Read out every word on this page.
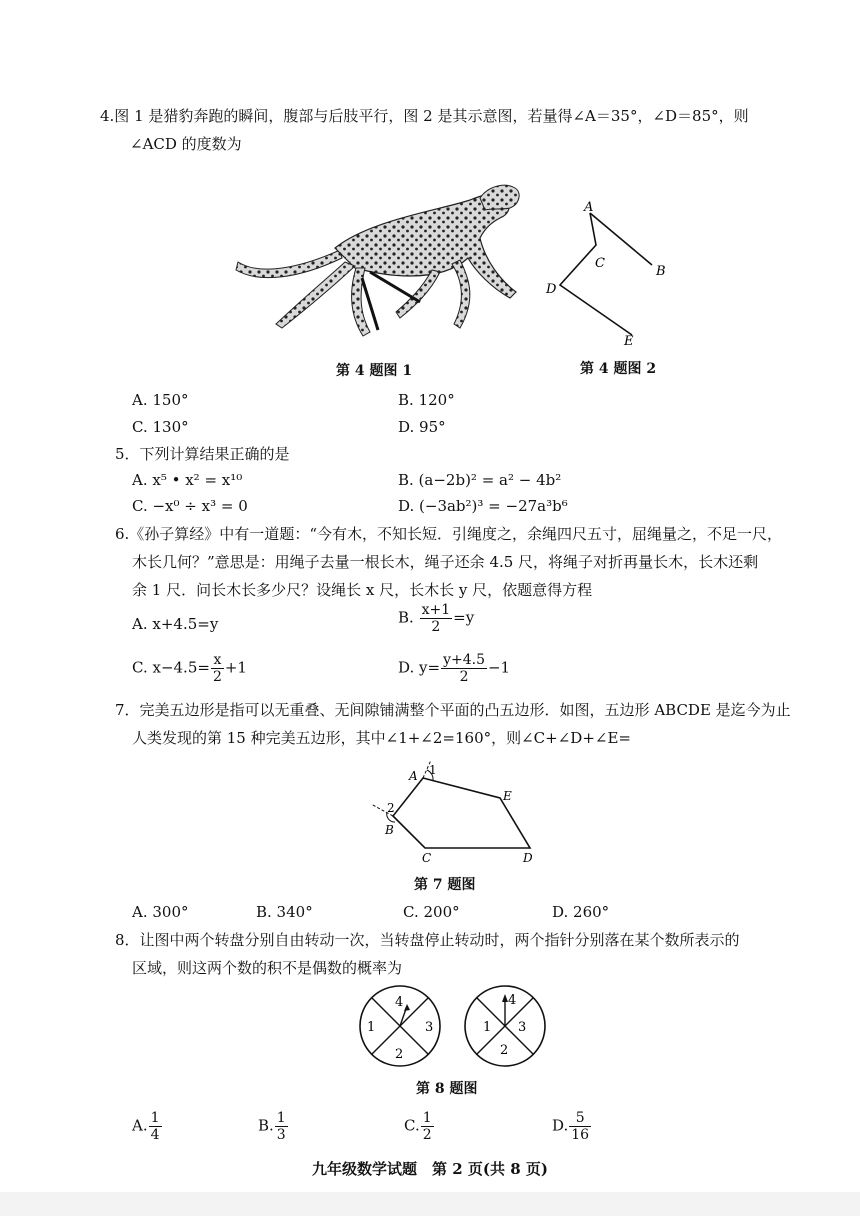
4.图 1 是猎豹奔跑的瞬间，腹部与后肢平行，图 2 是其示意图，若量得∠A＝35°，∠D＝85°，则
∠ACD 的度数为
第 4 题图 1
A
B
C
D
E
第 4 题图 2
A. 150°	B. 120°
C. 130°	D. 95°
5．下列计算结果正确的是
A. x⁵ • x² = x¹⁰	B. (a−2b)² = a² − 4b²
C. −x⁰ ÷ x³ = 0	D. (−3ab²)³ = −27a³b⁶
6.《孙子算经》中有一道题：“今有木，不知长短．引绳度之，余绳四尺五寸，屈绳量之，不足一尺，
木长几何？”意思是：用绳子去量一根长木，绳子还余 4.5 尺，将绳子对折再量长木，长木还剩
余 1 尺．问长木长多少尺？设绳长 x 尺，长木长 y 尺，依题意得方程
A. x+4.5=y	B. $\frac{x+1}{2} =y$
C. $x-4.5= \frac{x}{2} +1$	D. $y= \frac{y+4.5}{2} -1$
7．完美五边形是指可以无重叠、无间隙铺满整个平面的凸五边形．如图，五边形 ABCDE 是迄今为止
人类发现的第 15 种完美五边形，其中∠1+∠2=160°，则∠C+∠D+∠E=
A 1
E
2
B
C	D
第 7 题图
A. 300°	B. 340°	C. 200°	D. 260°
8．让图中两个转盘分别自由转动一次，当转盘停止转动时，两个指针分别落在某个数所表示的
区域，则这两个数的积不是偶数的概率为
4
1	3
2
4
1 3
2
第 8 题图
A. $\frac{1}{4}$	B. $\frac{1}{3}$	C. $\frac{1}{2}$	D. $\frac{5}{16}$
九年级数学试题　第 2 页(共 8 页)
